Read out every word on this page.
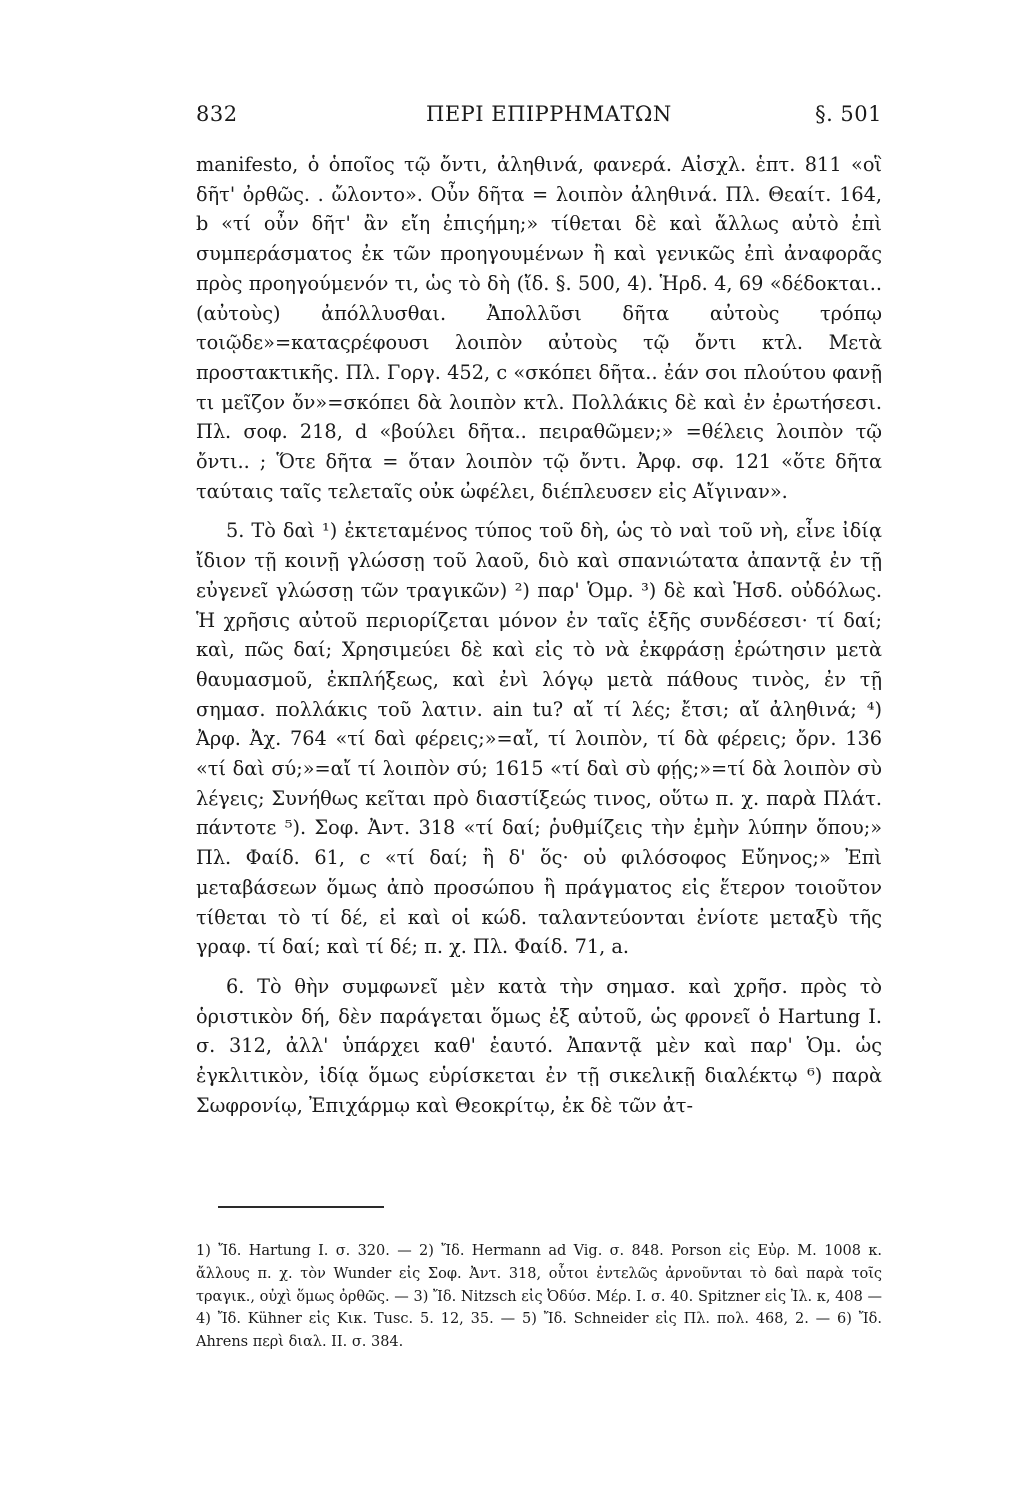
832	ΠΕΡΙ ΕΠΙΡΡΗΜΑΤΩΝ	§. 501

manifesto, ὁ ὁποῖος τῷ ὄντι, ἀληθινά, φανερά. Αἰσχλ. ἑπτ. 811 «οἳ δῆτ' ὀρθῶς. . ὤλοντο». Οὖν δῆτα = λοιπὸν ἀληθινά. Πλ. Θεαίτ. 164, b «τί οὖν δῆτ' ἂν εἴη ἐπιςήμη;» τίθεται δὲ καὶ ἄλλως αὐτὸ ἐπὶ συμπεράσματος ἐκ τῶν προηγουμένων ἢ καὶ γενικῶς ἐπὶ ἀναφορᾶς πρὸς προηγούμενόν τι, ὡς τὸ δὴ (ἴδ. §. 500, 4). Ἡρδ. 4, 69 «δέδοκται.. (αὐτοὺς) ἀπόλλυσθαι. Ἀπολλῦσι δῆτα αὐτοὺς τρόπῳ τοιῷδε»=καταςρέφουσι λοιπὸν αὐτοὺς τῷ ὄντι κτλ. Μετὰ προστακτικῆς. Πλ. Γοργ. 452, c «σκόπει δῆτα.. ἐάν σοι πλούτου φανῇ τι μεῖζον ὄν»=σκόπει δὰ λοιπὸν κτλ. Πολλάκις δὲ καὶ ἐν ἐρωτήσεσι. Πλ. σοφ. 218, d «βούλει δῆτα.. πειραθῶμεν;» =θέλεις λοιπὸν τῷ ὄντι.. ; Ὅτε δῆτα = ὅταν λοιπὸν τῷ ὄντι. Ἀρφ. σφ. 121 «ὅτε δῆτα ταύταις ταῖς τελεταῖς οὐκ ὠφέλει, διέπλευσεν εἰς Αἴγιναν».

5. Τὸ δαὶ ¹) ἐκτεταμένος τύπος τοῦ δὴ, ὡς τὸ ναὶ τοῦ νὴ, εἶνε ἰδίᾳ ἴδιον τῇ κοινῇ γλώσσῃ τοῦ λαοῦ, διὸ καὶ σπανιώτατα ἀπαντᾷ ἐν τῇ εὐγενεῖ γλώσσῃ τῶν τραγικῶν) ²) παρ' Ὁμρ. ³) δὲ καὶ Ἡσδ. οὐδόλως. Ἡ χρῆσις αὐτοῦ περιορίζεται μόνον ἐν ταῖς ἑξῆς συνδέσεσι· τί δαί; καὶ, πῶς δαί; Χρησιμεύει δὲ καὶ εἰς τὸ νὰ ἐκφράσῃ ἐρώτησιν μετὰ θαυμασμοῦ, ἐκπλήξεως, καὶ ἐνὶ λόγῳ μετὰ πάθους τινὸς, ἐν τῇ σημασ. πολλάκις τοῦ λατιν. ain tu? αἴ τί λές; ἔτσι; αἴ ἀληθινά; ⁴) Ἀρφ. Ἀχ. 764 «τί δαὶ φέρεις;»=αἴ, τί λοιπὸν, τί δὰ φέρεις; ὄρν. 136 «τί δαὶ σύ;»=αἴ τί λοιπὸν σύ; 1615 «τί δαὶ σὺ φῄς;»=τί δὰ λοιπὸν σὺ λέγεις; Συνήθως κεῖται πρὸ διαστίξεώς τινος, οὕτω π. χ. παρὰ Πλάτ. πάντοτε ⁵). Σοφ. Ἀντ. 318 «τί δαί; ῥυθμίζεις τὴν ἐμὴν λύπην ὅπου;» Πλ. Φαίδ. 61, c «τί δαί; ἢ δ' ὅς· οὐ φιλόσοφος Εὔηνος;» Ἐπὶ μεταβάσεων ὅμως ἀπὸ προσώπου ἢ πράγματος εἰς ἕτερον τοιοῦτον τίθεται τὸ τί δέ, εἰ καὶ οἱ κώδ. ταλαντεύονται ἐνίοτε μεταξὺ τῆς γραφ. τί δαί; καὶ τί δέ; π. χ. Πλ. Φαίδ. 71, a.

6. Τὸ θὴν συμφωνεῖ μὲν κατὰ τὴν σημασ. καὶ χρῆσ. πρὸς τὸ ὁριστικὸν δή, δὲν παράγεται ὅμως ἐξ αὐτοῦ, ὡς φρονεῖ ὁ Hartung I. σ. 312, ἀλλ' ὑπάρχει καθ' ἑαυτό. Ἀπαντᾷ μὲν καὶ παρ' Ὁμ. ὡς ἐγκλιτικὸν, ἰδίᾳ ὅμως εὑρίσκεται ἐν τῇ σικελικῇ διαλέκτῳ ⁶) παρὰ Σωφρονίῳ, Ἐπιχάρμῳ καὶ Θεοκρίτῳ, ἐκ δὲ τῶν ἀτ-

1) Ἴδ. Hartung I. σ. 320. — 2) Ἴδ. Hermann ad Vig. σ. 848. Porson εἰς Εὐρ. Μ. 1008 κ. ἄλλους π. χ. τὸν Wunder εἰς Σοφ. Ἀντ. 318, οὗτοι ἐντελῶς ἀρνοῦνται τὸ δαὶ παρὰ τοῖς τραγικ., οὐχὶ ὅμως ὀρθῶς. — 3) Ἴδ. Nitzsch εἰς Ὀδύσ. Μέρ. I. σ. 40. Spitzner εἰς Ἰλ. κ, 408 — 4) Ἴδ. Kühner εἰς Κικ. Tusc. 5. 12, 35. — 5) Ἴδ. Schneider εἰς Πλ. πολ. 468, 2. — 6) Ἴδ. Ahrens περὶ διαλ. II. σ. 384.
